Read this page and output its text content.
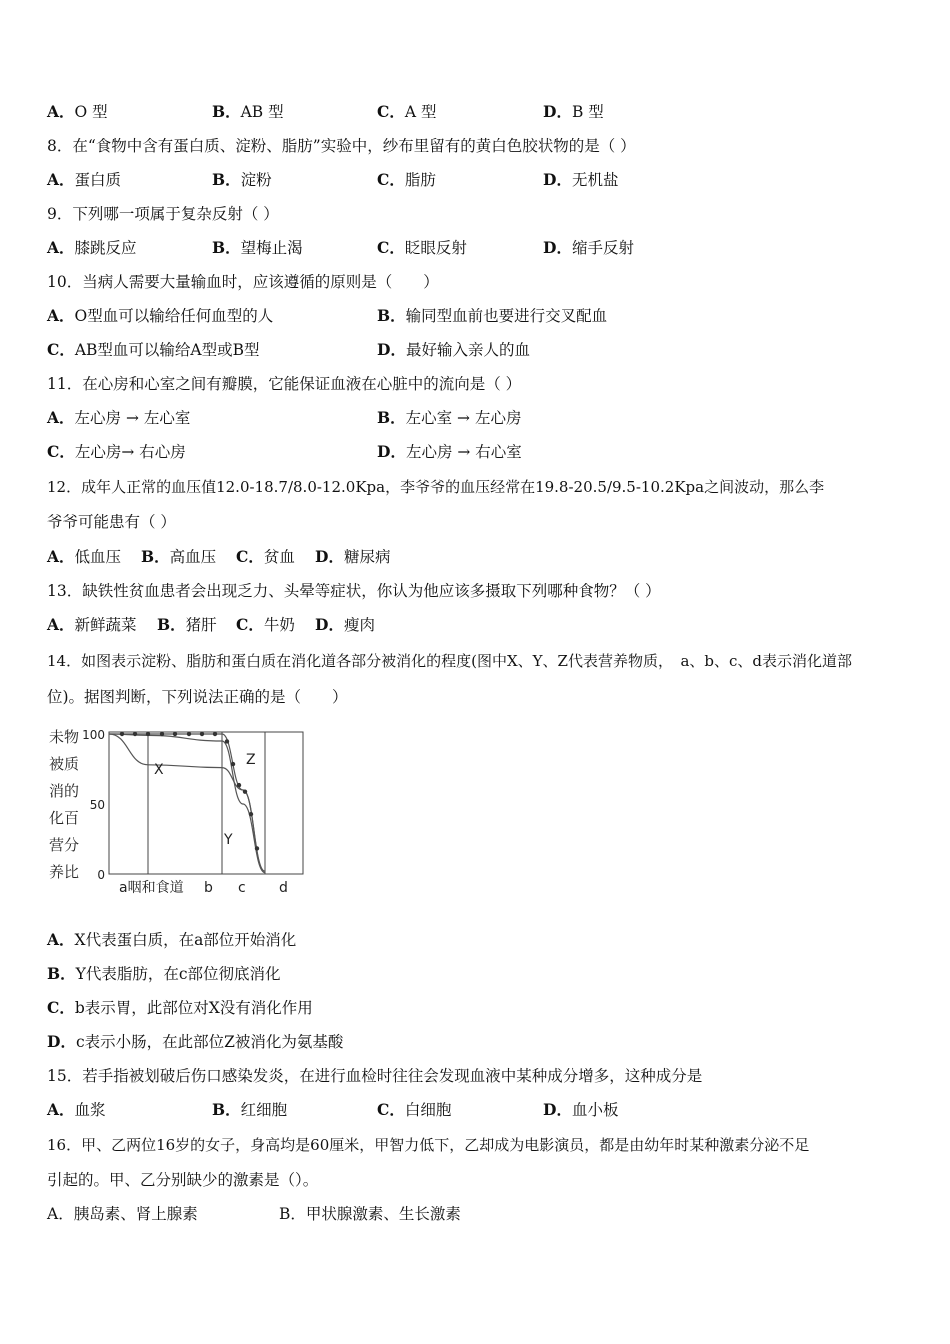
A．O 型	B．AB 型	C．A 型	D．B 型
8．在“食物中含有蛋白质、淀粉、脂肪”实验中，纱布里留有的黄白色胶状物的是（ ）
A．蛋白质	B．淀粉	C．脂肪	D．无机盐
9．下列哪一项属于复杂反射（ ）
A．膝跳反应	B．望梅止渴	C．眨眼反射	D．缩手反射
10．当病人需要大量输血时，应该遵循的原则是（　　）
A．O型血可以输给任何血型的人	B．输同型血前也要进行交叉配血
C．AB型血可以输给A型或B型	D．最好输入亲人的血
11．在心房和心室之间有瓣膜，它能保证血液在心脏中的流向是（ ）
A．左心房 → 左心室	B．左心室 → 左心房
C．左心房→ 右心房	D．左心房 → 右心室
12．成年人正常的血压值12.0-18.7/8.0-12.0Kpa，李爷爷的血压经常在19.8-20.5/9.5-10.2Kpa之间波动，那么李
爷爷可能患有（ ）
A．低血压 B．高血压 C．贫血 D．糖尿病
13．缺铁性贫血患者会出现乏力、头晕等症状，你认为他应该多摄取下列哪种食物？（ ）
A．新鲜蔬菜 B．猪肝 C．牛奶 D．瘦肉
14．如图表示淀粉、脂肪和蛋白质在消化道各部分被消化的程度(图中X、Y、Z代表营养物质，　a、b、c、d表示消化道部
位)。据图判断，下列说法正确的是（　　）
未物
被质
消的
化百
营分
养比
100
50
0
a咽和食道 b c d
X
Y
Z
A．X代表蛋白质，在a部位开始消化
B．Y代表脂肪，在c部位彻底消化
C．b表示胃，此部位对X没有消化作用
D．c表示小肠，在此部位Z被消化为氨基酸
15．若手指被划破后伤口感染发炎，在进行血检时往往会发现血液中某种成分增多，这种成分是
A．血浆	B．红细胞	C．白细胞	D．血小板
16．甲、乙两位16岁的女子，身高均是60厘米，甲智力低下，乙却成为电影演员，都是由幼年时某种激素分泌不足
引起的。甲、乙分别缺少的激素是（）。
A．胰岛素、肾上腺素	B．甲状腺激素、生长激素
